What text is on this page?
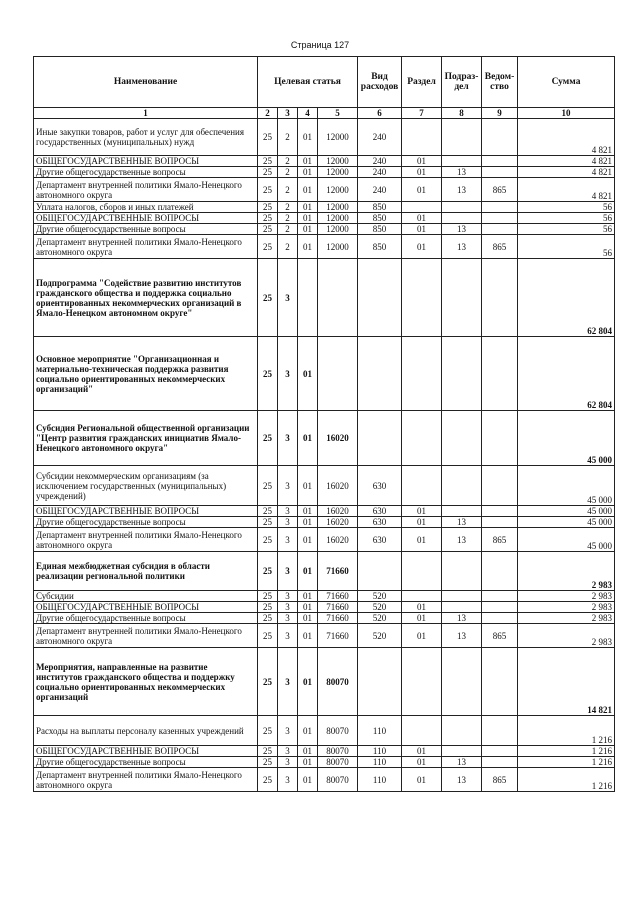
Страница 127
Наименование	Целевая статья				Вид расходов	Раздел	Подраз-дел	Ведом-ство	Сумма
1	2	3	4	5	6	7	8	9	10
Иные закупки товаров, работ и услуг для обеспечения государственных (муниципальных) нужд	25	2	01	12000	240				4 821
ОБЩЕГОСУДАРСТВЕННЫЕ ВОПРОСЫ	25	2	01	12000	240	01			4 821
Другие общегосударственные вопросы	25	2	01	12000	240	01	13		4 821
Департамент внутренней политики Ямало-Ненецкого автономного округа	25	2	01	12000	240	01	13	865	4 821
Уплата налогов, сборов и иных платежей	25	2	01	12000	850				56
ОБЩЕГОСУДАРСТВЕННЫЕ ВОПРОСЫ	25	2	01	12000	850	01			56
Другие общегосударственные вопросы	25	2	01	12000	850	01	13		56
Департамент внутренней политики Ямало-Ненецкого автономного округа	25	2	01	12000	850	01	13	865	56
Подпрограмма "Содействие развитию институтов гражданского общества и поддержка социально ориентированных некоммерческих организаций в Ямало-Ненецком автономном округе"	25	3							62 804
Основное мероприятие "Организационная и материально-техническая поддержка развития социально ориентированных некоммерческих организаций"	25	3	01						62 804
Субсидия Региональной общественной организации "Центр развития гражданских инициатив Ямало-Ненецкого автономного округа"	25	3	01	16020					45 000
Субсидии некоммерческим организациям (за исключением государственных (муниципальных) учреждений)	25	3	01	16020	630				45 000
ОБЩЕГОСУДАРСТВЕННЫЕ ВОПРОСЫ	25	3	01	16020	630	01			45 000
Другие общегосударственные вопросы	25	3	01	16020	630	01	13		45 000
Департамент внутренней политики Ямало-Ненецкого автономного округа	25	3	01	16020	630	01	13	865	45 000
Единая межбюджетная субсидия в области реализации региональной политики	25	3	01	71660					2 983
Субсидии	25	3	01	71660	520				2 983
ОБЩЕГОСУДАРСТВЕННЫЕ ВОПРОСЫ	25	3	01	71660	520	01			2 983
Другие общегосударственные вопросы	25	3	01	71660	520	01	13		2 983
Департамент внутренней политики Ямало-Ненецкого автономного округа	25	3	01	71660	520	01	13	865	2 983
Мероприятия, направленные на развитие институтов гражданского общества и поддержку социально ориентированных некоммерческих организаций	25	3	01	80070					14 821
Расходы на выплаты персоналу казенных учреждений	25	3	01	80070	110				1 216
ОБЩЕГОСУДАРСТВЕННЫЕ ВОПРОСЫ	25	3	01	80070	110	01			1 216
Другие общегосударственные вопросы	25	3	01	80070	110	01	13		1 216
Департамент внутренней политики Ямало-Ненецкого автономного округа	25	3	01	80070	110	01	13	865	1 216
